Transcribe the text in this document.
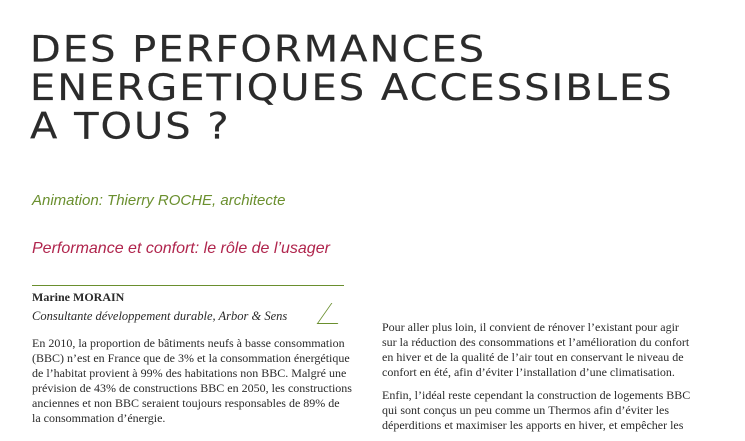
DES PERFORMANCES
ENERGETIQUES ACCESSIBLES
A TOUS ?
Animation: Thierry ROCHE, architecte
Performance et confort: le rôle de l’usager
Marine MORAIN
Consultante développement durable, Arbor & Sens

En 2010, la proportion de bâtiments neufs à basse consommation
(BBC) n’est en France que de 3% et la consommation énergétique
de l’habitat provient à 99% des habitations non BBC. Malgré une
prévision de 43% de constructions BBC en 2050, les constructions
anciennes et non BBC seraient toujours responsables de 89% de
la consommation d’énergie.

Pour aller plus loin, il convient de rénover l’existant pour agir
sur la réduction des consommations et l’amélioration du confort
en hiver et de la qualité de l’air tout en conservant le niveau de
confort en été, afin d’éviter l’installation d’une climatisation.

Enfin, l’idéal reste cependant la construction de logements BBC
qui sont conçus un peu comme un Thermos afin d’éviter les
déperditions et maximiser les apports en hiver, et empêcher les
